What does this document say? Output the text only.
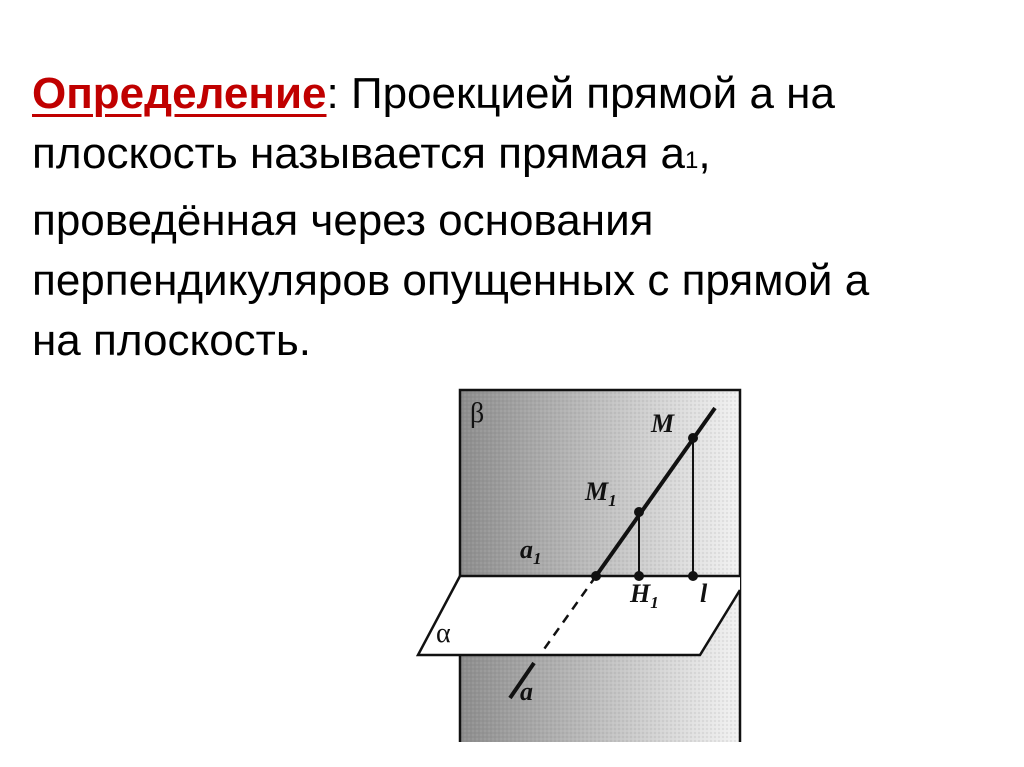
Определение: Проекцией прямой а на
плоскость называется прямая а1,
проведённая через основания
перпендикуляров опущенных с прямой а
на плоскость.
β
α
M
$M_1$
$a_1$
$H_1$ l
a
